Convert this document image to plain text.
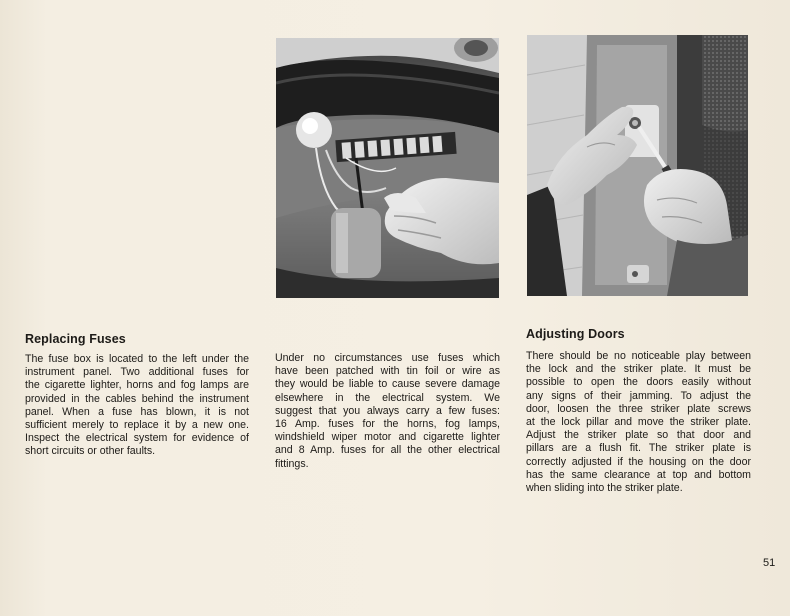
Replacing Fuses
The fuse box is located to the left under the
instrument panel. Two additional fuses for
the cigarette lighter, horns and fog lamps are
provided in the cables behind the instrument
panel. When a fuse has blown, it is not
sufficient merely to replace it by a new one.
Inspect the electrical system for evidence of
short circuits or other faults.
Under no circumstances use fuses which
have been patched with tin foil or wire as
they would be liable to cause severe damage
elsewhere in the electrical system. We
suggest that you always carry a few fuses:
16 Amp. fuses for the horns, fog lamps,
windshield wiper motor and cigarette lighter
and 8 Amp. fuses for all the other electrical
fittings.
Adjusting Doors
There should be no noticeable play between
the lock and the striker plate. It must be
possible to open the doors easily without
any signs of their jamming. To adjust the
door, loosen the three striker plate screws
at the lock pillar and move the striker plate.
Adjust the striker plate so that door and
pillars are a flush fit. The striker plate is
correctly adjusted if the housing on the door
has the same clearance at top and bottom
when sliding into the striker plate.
51
